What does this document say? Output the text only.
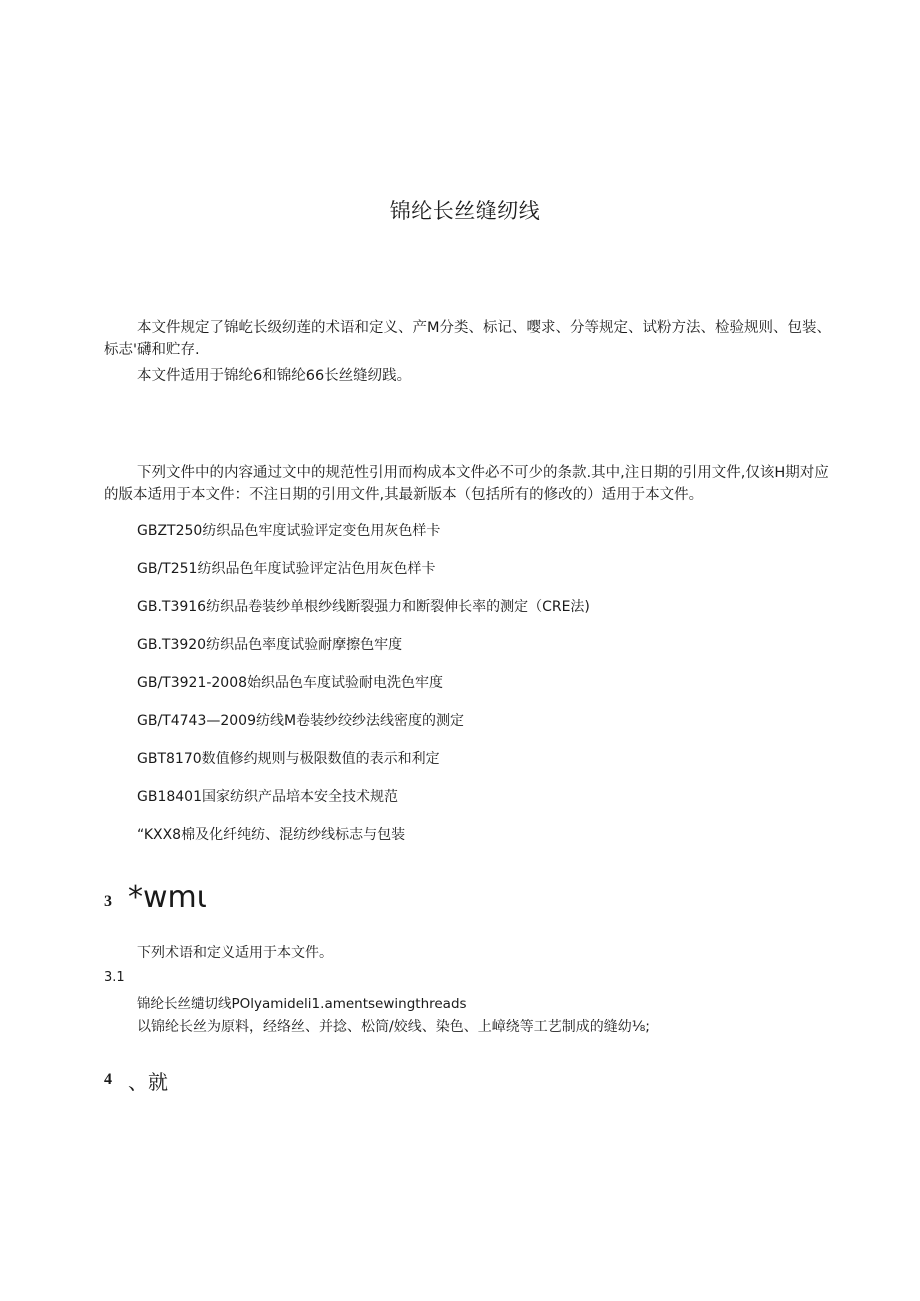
锦纶长丝缝纫线
本文件规定了锦屹长级纫莲的术语和定义、产M分类、标记、嘤求、分等规定、试粉方法、检验规则、包装、标志'礴和贮存.
本文件适用于锦纶6和锦纶66长丝缝纫践。
下列文件中的内容通过文中的规范性引用而构成本文件必不可少的条款.其中,注日期的引用文件,仅该H期对应的版本适用于本文件：不注日期的引用文件,其最新版本（包括所有的修改的）适用于本文件。
GBZT250纺织品色牢度试验评定变色用灰色样卡
GB/T251纺织品色年度试验评定沾色用灰色样卡
GB.T3916纺织品卷装纱单根纱线断裂强力和断裂伸长率的测定（CRE法)
GB.T3920纺织品色率度试验耐摩擦色牢度
GB/T3921-2008始织品色车度试验耐电洗色牢度
GB/T4743—2009纺线M卷装纱绞纱法线密度的测定
GBT8170数值修约规则与极限数值的表示和利定
GB18401国家纺织产品培本安全技术规范
“KXX8棉及化纤纯纺、混纺纱线标志与包装
3 *wmι
下列术语和定义适用于本文件。
3.1
锦纶长丝缱切线POlyamideli1.amentsewingthreads
以锦纶长丝为原料，经络丝、并捻、松筒/姣线、染色、上嶂绕等工艺制成的缝幼⅛;
4 、就
